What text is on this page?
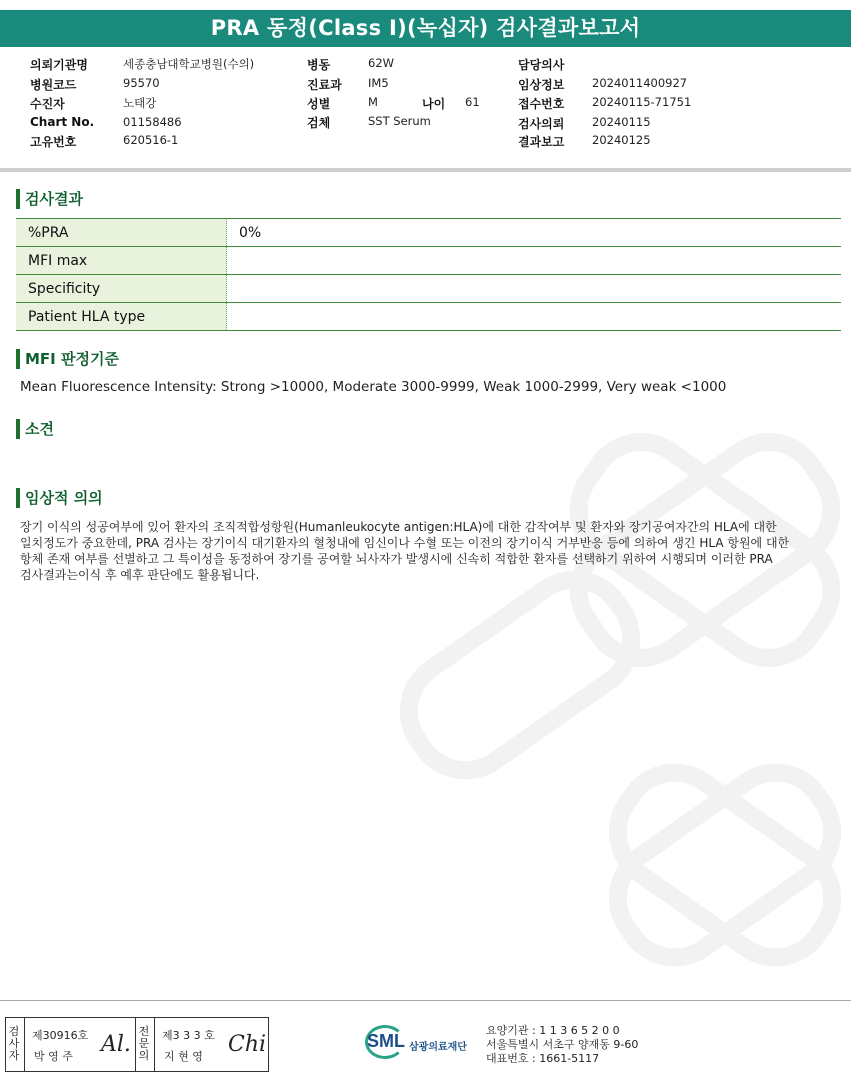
PRA 동정(Class I)(녹십자) 검사결과보고서
의뢰기관명	세종충남대학교병원(수의)
병원코드	95570
수진자	노태강
Chart No.	01158486
고유번호	620516-1
병동	62W
진료과 IM5
성별	M	나이 61
검체	SST Serum
담당의사
임상정보 2024011400927
접수번호 20240115-71751
검사의뢰 20240115
결과보고 20240125
검사결과
%PRA	0%
MFI max
Specificity
Patient HLA type
MFI 판정기준
Mean Fluorescence Intensity: Strong >10000, Moderate 3000-9999, Weak 1000-2999, Very weak <1000
소견
임상적 의의
장기 이식의 성공여부에 있어 환자의 조직적합성항원(Humanleukocyte antigen:HLA)에 대한 감작여부 및 환자와 장기공여자간의 HLA에 대한
일치정도가 중요한데, PRA 검사는 장기이식 대기환자의 혈청내에 임신이나 수혈 또는 이전의 장기이식 거부반응 등에 의하여 생긴 HLA 항원에 대한
항체 존재 여부를 선별하고 그 특이성을 동정하여 장기를 공여할 뇌사자가 발생시에 신속히 적합한 환자를 선택하기 위하여 시행되며 이러한 PRA
검사결과는이식 후 예후 판단에도 활용됩니다.
검
사
자
제30916호
박 영 주 Al.
전
문
의
제3 3 3 호
지 현 영 Chi	SML 삼광의료재단
요양기관 : 1 1 3 6 5 2 0 0
서울특별시 서초구 양재동 9-60
대표번호 : 1661-5117
